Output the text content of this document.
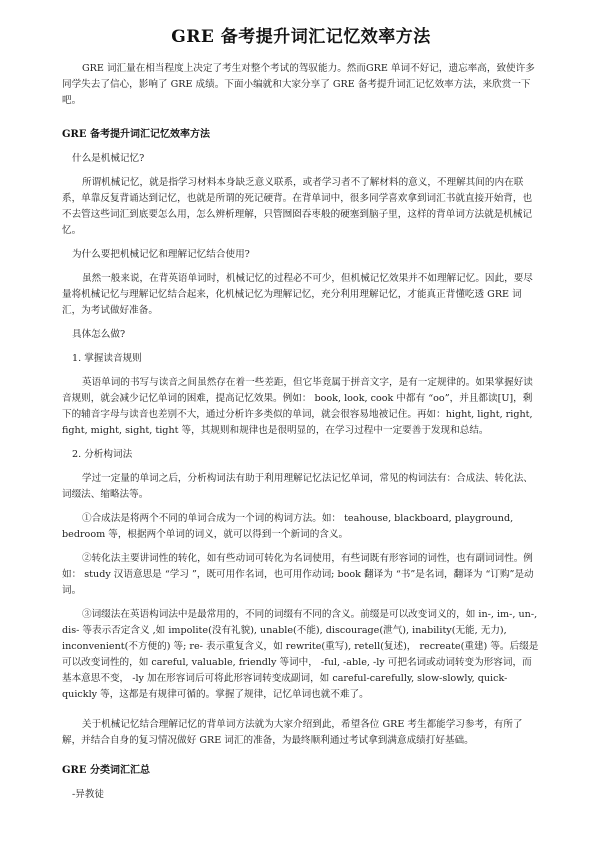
GRE 备考提升词汇记忆效率方法

GRE 词汇量在相当程度上决定了考生对整个考试的驾驭能力。然而GRE 单词不好记，遗忘率高，致使许多同学失去了信心，影响了 GRE 成绩。下面小编就和大家分享了 GRE 备考提升词汇记忆效率方法，来欣赏一下吧。

GRE 备考提升词汇记忆效率方法

什么是机械记忆?

所谓机械记忆，就是指学习材料本身缺乏意义联系，或者学习者不了解材料的意义，不理解其间的内在联系，单靠反复背诵达到记忆，也就是所谓的死记硬背。在背单词中，很多同学喜欢拿到词汇书就直接开始背，也不去管这些词汇到底要怎么用，怎么辨析理解，只管囫囵吞枣般的硬塞到脑子里，这样的背单词方法就是机械记忆。

为什么要把机械记忆和理解记忆结合使用?

虽然一般来说，在背英语单词时，机械记忆的过程必不可少，但机械记忆效果并不如理解记忆。因此，要尽量将机械记忆与理解记忆结合起来，化机械记忆为理解记忆，充分利用理解记忆，才能真正背懂吃透 GRE 词汇，为考试做好准备。

具体怎么做?

1. 掌握读音规则

英语单词的书写与读音之间虽然存在着一些差距，但它毕竟属于拼音文字，是有一定规律的。如果掌握好读音规则，就会减少记忆单词的困难，提高记忆效果。例如： book, look, cook 中都有 “oo”，并且都读[U]，剩下的辅音字母与读音也差别不大，通过分析许多类似的单词，就会很容易地被记住。再如：hight, light, right, fight, might, sight, tight 等，其规则和规律也是很明显的，在学习过程中一定要善于发现和总结。

2. 分析构词法

学过一定量的单词之后，分析构词法有助于利用理解记忆法记忆单词，常见的构词法有：合成法、转化法、词缀法、缩略法等。

①合成法是将两个不同的单词合成为一个词的构词方法。如： teahouse, blackboard, playground, bedroom 等，根据两个单词的词义，就可以得到一个新词的含义。

②转化法主要讲词性的转化，如有些动词可转化为名词使用，有些词既有形容词的词性，也有副词词性。例如： study 汉语意思是 “学习 ”，既可用作名词，也可用作动词; book 翻译为 “书”是名词，翻译为 “订购”是动词。

③词缀法在英语构词法中是最常用的，不同的词缀有不同的含义。前缀是可以改变词义的，如 in-, im-, un-, dis- 等表示否定含义 ,如 impolite(没有礼貌), unable(不能), discourage(泄气), inability(无能, 无力), inconvenient(不方便的) 等; re- 表示重复含义，如 rewrite(重写), retell(复述)， recreate(重建) 等。后缀是可以改变词性的，如 careful, valuable, friendly 等词中， -ful, -able, -ly 可把名词或动词转变为形容词，而基本意思不变， -ly 加在形容词后可将此形容词转变成副词，如 careful-carefully, slow-slowly, quick-quickly 等，这都是有规律可循的。掌握了规律，记忆单词也就不难了。

关于机械记忆结合理解记忆的背单词方法就为大家介绍到此，希望各位 GRE 考生都能学习参考，有所了解，并结合自身的复习情况做好 GRE 词汇的准备，为最终顺利通过考试拿到满意成绩打好基础。

GRE 分类词汇汇总

-异教徒
